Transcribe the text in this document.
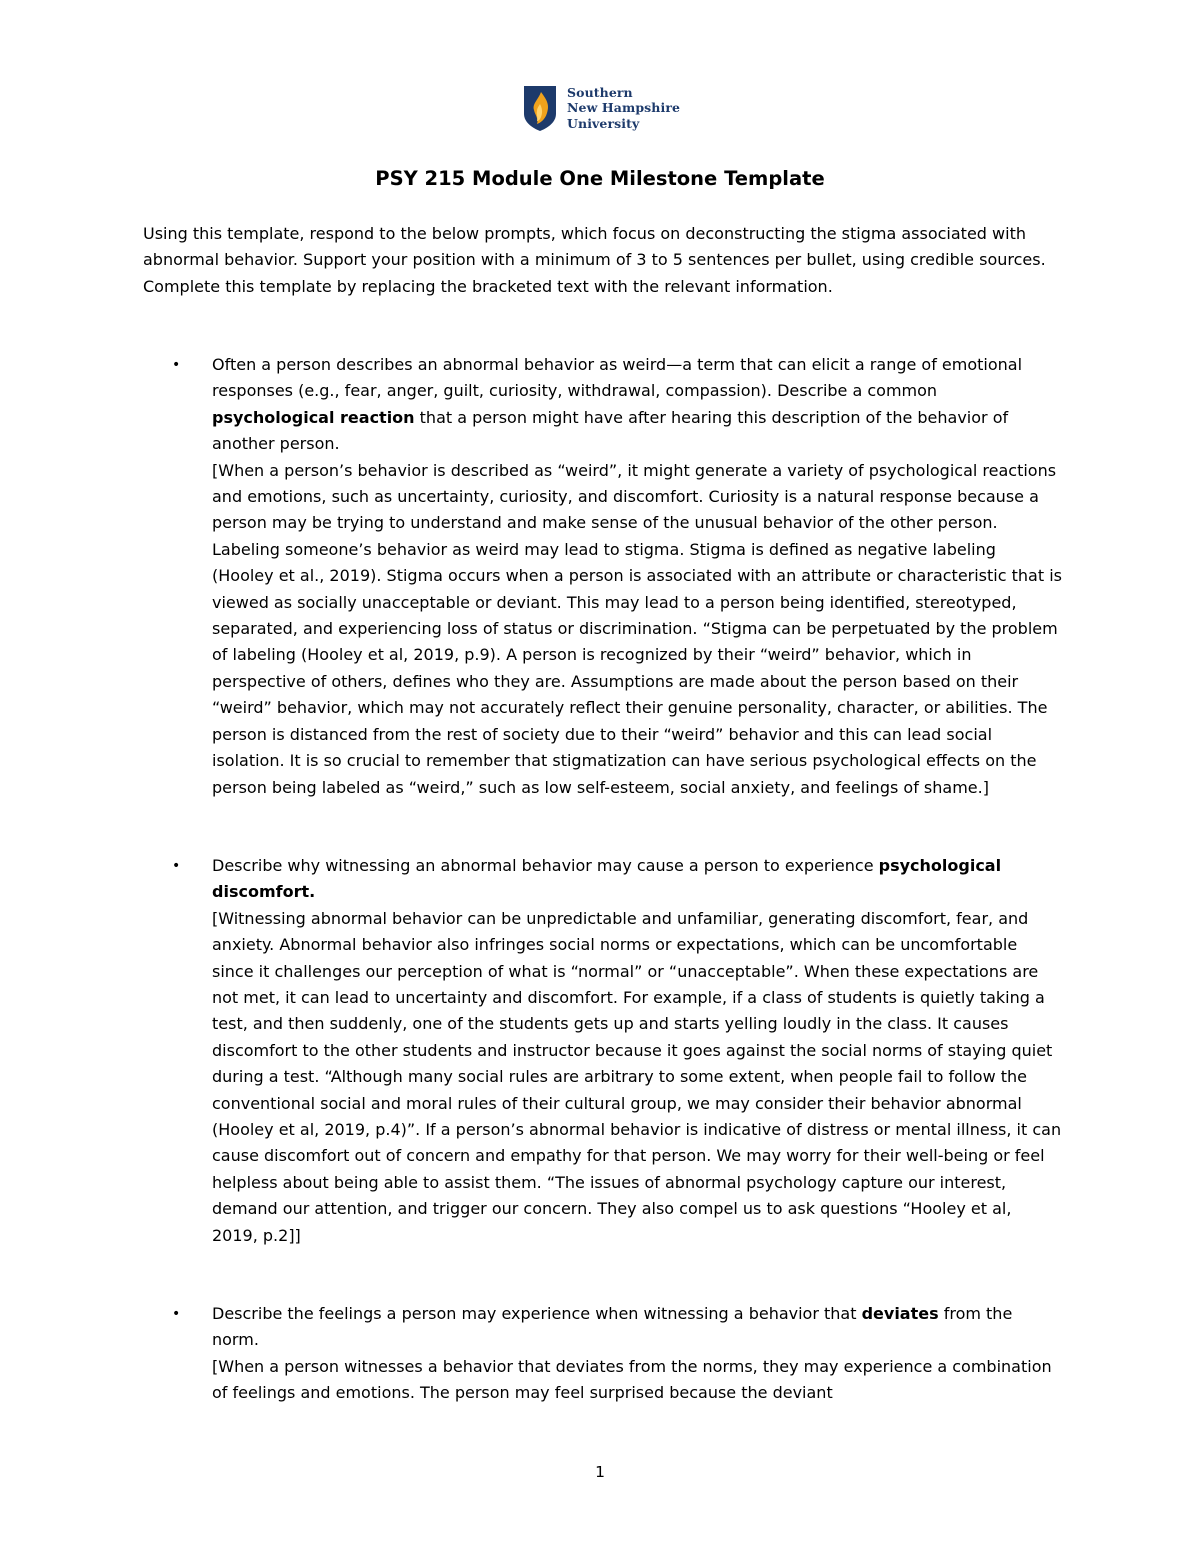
Southern
New Hampshire
University
PSY 215 Module One Milestone Template
Using this template, respond to the below prompts, which focus on deconstructing the stigma associated with abnormal behavior. Support your position with a minimum of 3 to 5 sentences per bullet, using credible sources. Complete this template by replacing the bracketed text with the relevant information.
• Often a person describes an abnormal behavior as weird—a term that can elicit a range of emotional responses (e.g., fear, anger, guilt, curiosity, withdrawal, compassion). Describe a common psychological reaction that a person might have after hearing this description of the behavior of another person.
[When a person’s behavior is described as “weird”, it might generate a variety of psychological reactions and emotions, such as uncertainty, curiosity, and discomfort. Curiosity is a natural response because a person may be trying to understand and make sense of the unusual behavior of the other person. Labeling someone’s behavior as weird may lead to stigma. Stigma is defined as negative labeling (Hooley et al., 2019). Stigma occurs when a person is associated with an attribute or characteristic that is viewed as socially unacceptable or deviant. This may lead to a person being identified, stereotyped, separated, and experiencing loss of status or discrimination. “Stigma can be perpetuated by the problem of labeling (Hooley et al, 2019, p.9). A person is recognized by their “weird” behavior, which in perspective of others, defines who they are. Assumptions are made about the person based on their “weird” behavior, which may not accurately reflect their genuine personality, character, or abilities. The person is distanced from the rest of society due to their “weird” behavior and this can lead social isolation. It is so crucial to remember that stigmatization can have serious psychological effects on the person being labeled as “weird,” such as low self-esteem, social anxiety, and feelings of shame.]
• Describe why witnessing an abnormal behavior may cause a person to experience psychological discomfort.
[Witnessing abnormal behavior can be unpredictable and unfamiliar, generating discomfort, fear, and anxiety. Abnormal behavior also infringes social norms or expectations, which can be uncomfortable since it challenges our perception of what is “normal” or “unacceptable”. When these expectations are not met, it can lead to uncertainty and discomfort. For example, if a class of students is quietly taking a test, and then suddenly, one of the students gets up and starts yelling loudly in the class. It causes discomfort to the other students and instructor because it goes against the social norms of staying quiet during a test. “Although many social rules are arbitrary to some extent, when people fail to follow the conventional social and moral rules of their cultural group, we may consider their behavior abnormal (Hooley et al, 2019, p.4)”. If a person’s abnormal behavior is indicative of distress or mental illness, it can cause discomfort out of concern and empathy for that person. We may worry for their well-being or feel helpless about being able to assist them. “The issues of abnormal psychology capture our interest, demand our attention, and trigger our concern. They also compel us to ask questions “Hooley et al, 2019, p.2]]
• Describe the feelings a person may experience when witnessing a behavior that deviates from the norm.
[When a person witnesses a behavior that deviates from the norms, they may experience a combination of feelings and emotions. The person may feel surprised because the deviant
1
